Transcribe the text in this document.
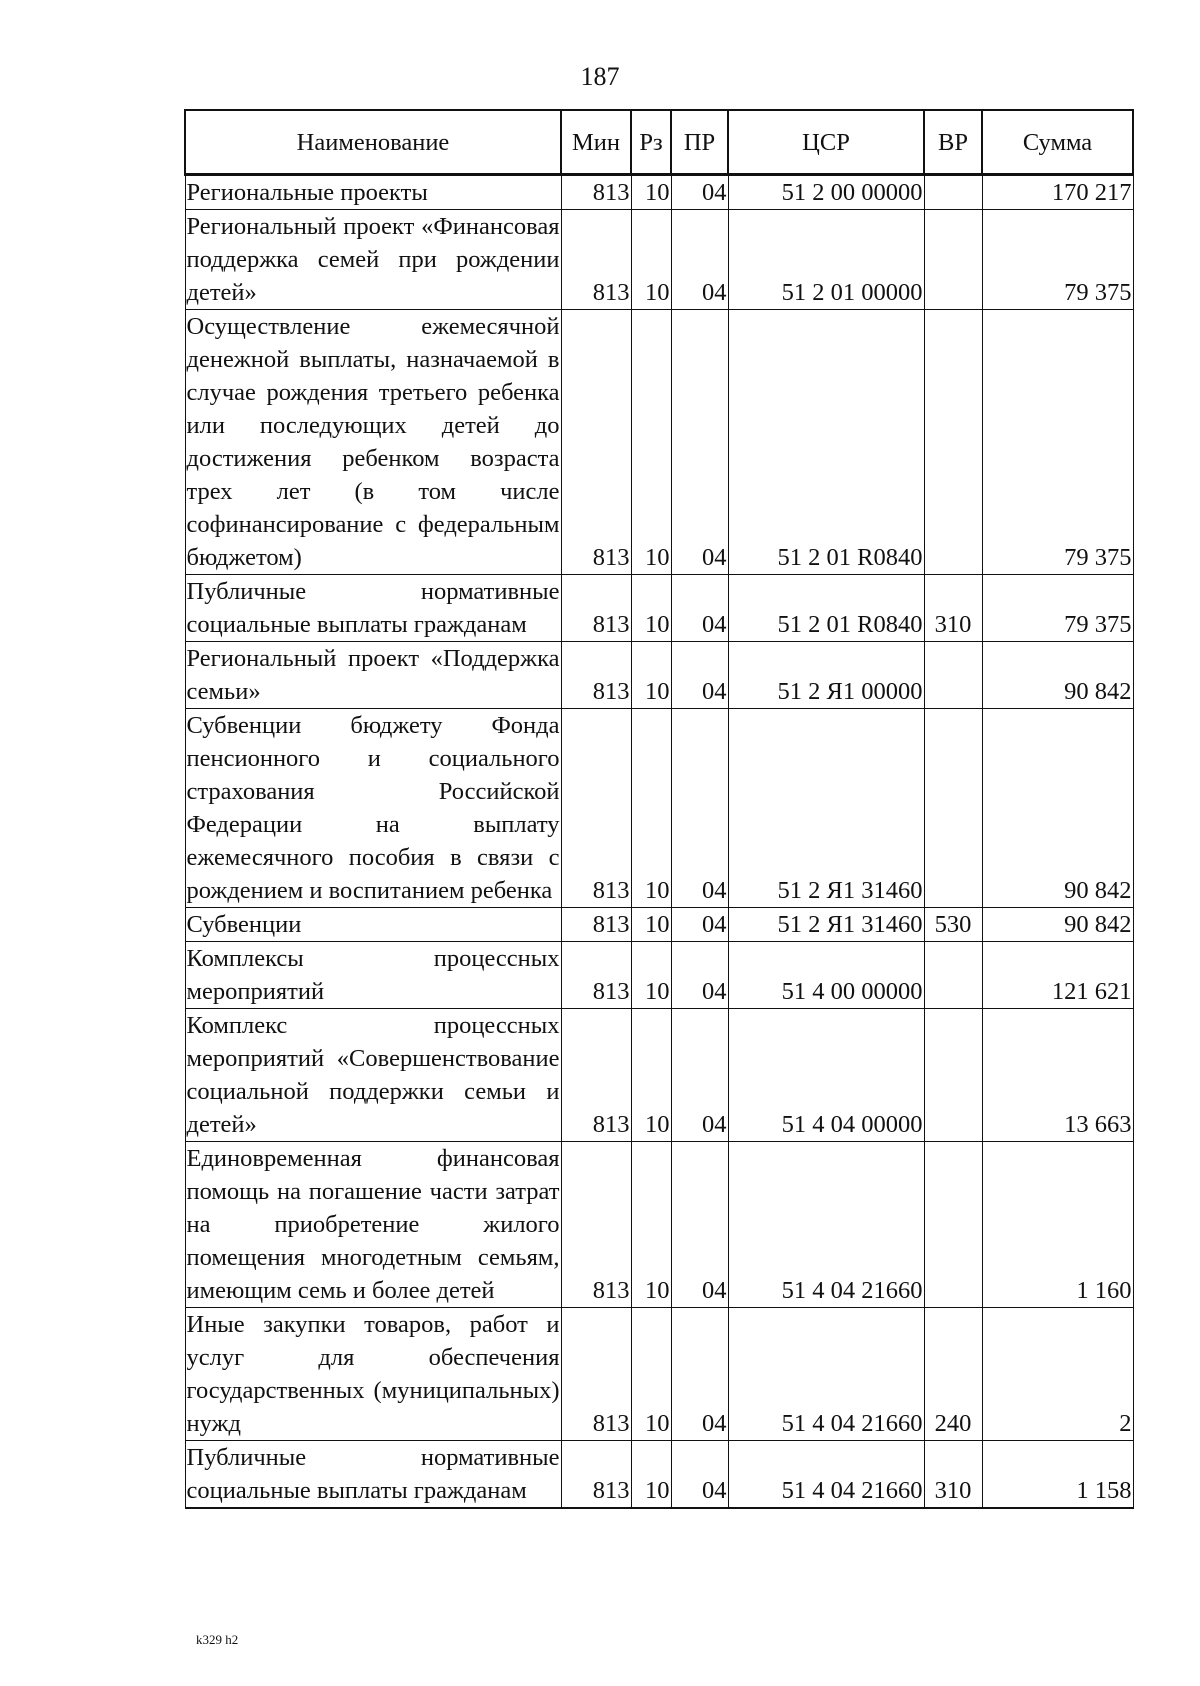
187
Наименование	Мин	Рз	ПР	ЦСР	ВР	Сумма
Региональные проекты	813	10	04	51 2 00 00000		170 217
Региональный проект «Финансовая поддержка семей при рождении детей»	813	10	04	51 2 01 00000		79 375
Осуществление ежемесячной денежной выплаты, назначаемой в случае рождения третьего ребенка или последующих детей до достижения ребенком возраста трех лет (в том числе софинансирование с федеральным бюджетом)	813	10	04	51 2 01 R0840		79 375
Публичные нормативные социальные выплаты гражданам	813	10	04	51 2 01 R0840	310	79 375
Региональный проект «Поддержка семьи»	813	10	04	51 2 Я1 00000		90 842
Субвенции бюджету Фонда пенсионного и социального страхования Российской Федерации на выплату ежемесячного пособия в связи с рождением и воспитанием ребенка	813	10	04	51 2 Я1 31460		90 842
Субвенции	813	10	04	51 2 Я1 31460	530	90 842
Комплексы процессных мероприятий	813	10	04	51 4 00 00000		121 621
Комплекс процессных мероприятий «Совершенствование социальной поддержки семьи и детей»	813	10	04	51 4 04 00000		13 663
Единовременная финансовая помощь на погашение части затрат на приобретение жилого помещения многодетным семьям, имеющим семь и более детей	813	10	04	51 4 04 21660		1 160
Иные закупки товаров, работ и услуг для обеспечения государственных (муниципальных) нужд	813	10	04	51 4 04 21660	240	2
Публичные нормативные социальные выплаты гражданам	813	10	04	51 4 04 21660	310	1 158
k329 h2
